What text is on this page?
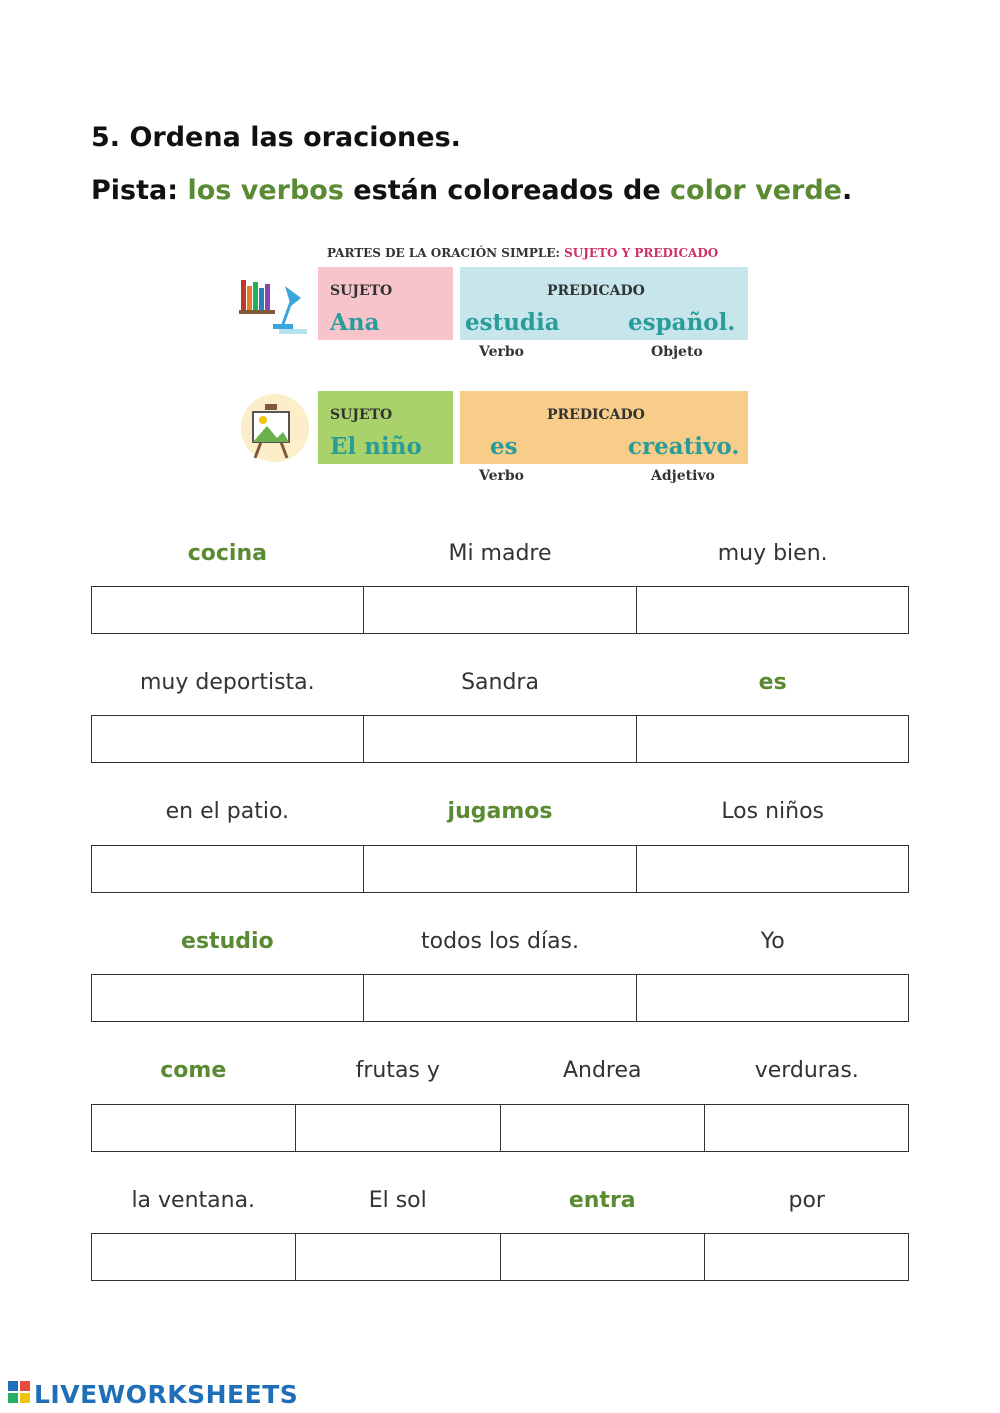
5. Ordena las oraciones.
Pista: los verbos están coloreados de color verde.
PARTES DE LA ORACIÓN SIMPLE: SUJETO Y PREDICADO
SUJETO
Ana
PREDICADO
estudia	español.
Verbo	Objeto
SUJETO
El niño
PREDICADO
es	creativo.
Verbo	Adjetivo
cocina	Mi madre	muy bien.
muy deportista.	Sandra	es
en el patio.	jugamos	Los niños
estudio	todos los días.	Yo
come	frutas y	Andrea	verduras.
la ventana.	El sol	entra	por
LIVEWORKSHEETS
